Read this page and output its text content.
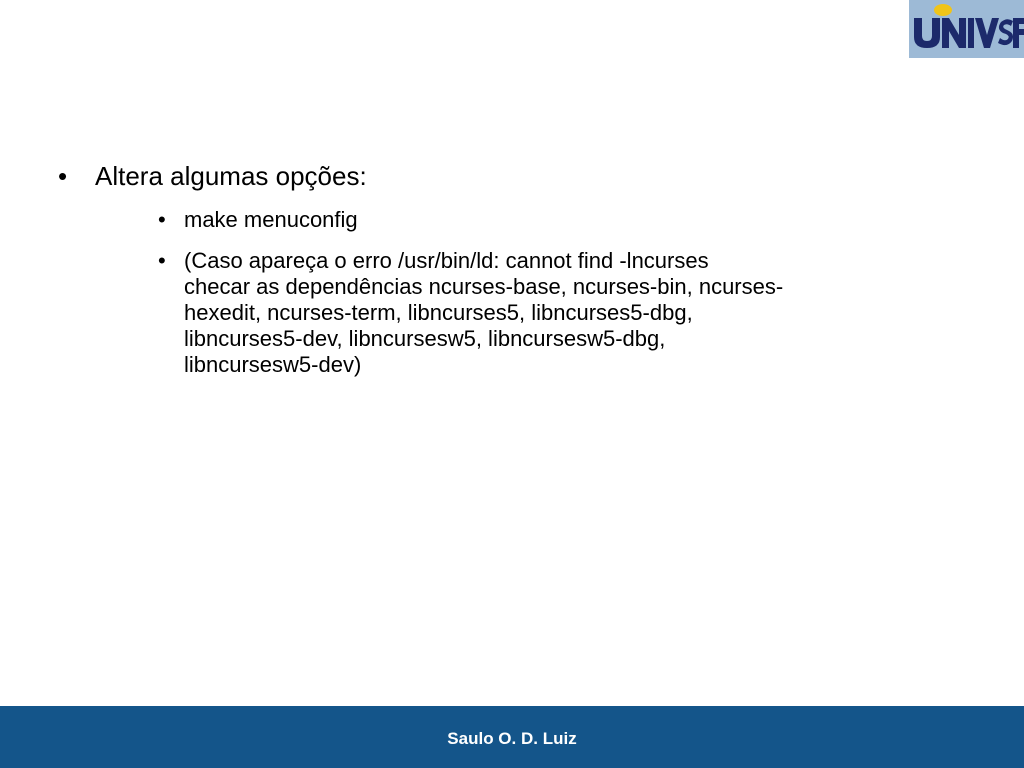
•	Altera algumas opções:
• make menuconfig
• (Caso apareça o erro /usr/bin/ld: cannot find -lncurses
checar as dependências ncurses-base, ncurses-bin, ncurses-
hexedit, ncurses-term, libncurses5, libncurses5-dbg,
libncurses5-dev, libncursesw5, libncursesw5-dbg,
libncursesw5-dev)
Saulo O. D. Luiz
